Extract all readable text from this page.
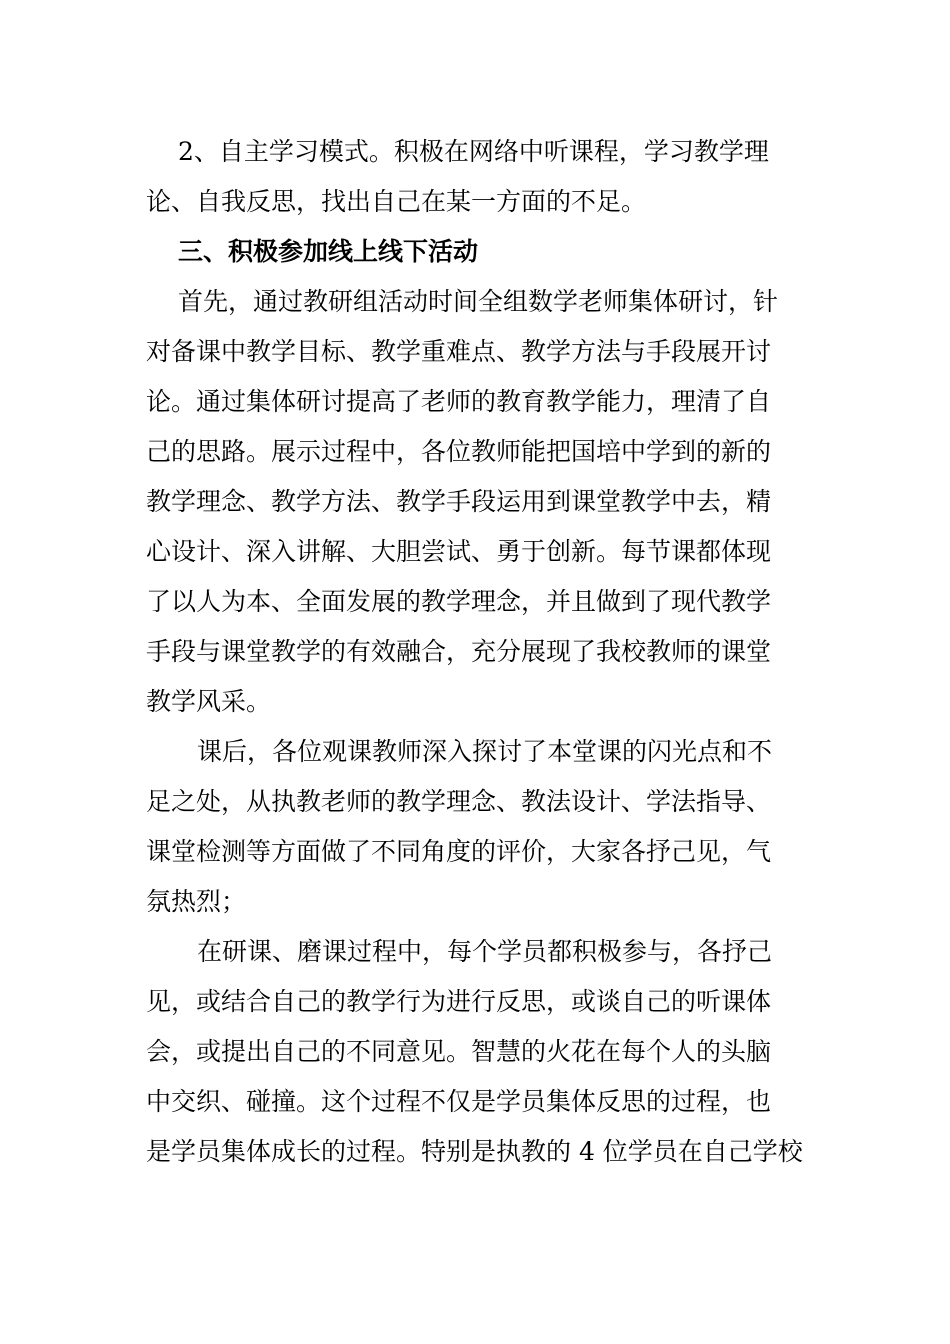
2、自主学习模式。积极在网络中听课程，学习教学理

论、自我反思，找出自己在某一方面的不足。

三、积极参加线上线下活动

首先，通过教研组活动时间全组数学老师集体研讨，针

对备课中教学目标、教学重难点、教学方法与手段展开讨

论。通过集体研讨提高了老师的教育教学能力，理清了自

己的思路。展示过程中，各位教师能把国培中学到的新的

教学理念、教学方法、教学手段运用到课堂教学中去，精

心设计、深入讲解、大胆尝试、勇于创新。每节课都体现

了以人为本、全面发展的教学理念，并且做到了现代教学

手段与课堂教学的有效融合，充分展现了我校教师的课堂

教学风采。

课后，各位观课教师深入探讨了本堂课的闪光点和不

足之处，从执教老师的教学理念、教法设计、学法指导、

课堂检测等方面做了不同角度的评价，大家各抒己见，气

氛热烈；

在研课、磨课过程中，每个学员都积极参与，各抒己

见，或结合自己的教学行为进行反思，或谈自己的听课体

会，或提出自己的不同意见。智慧的火花在每个人的头脑

中交织、碰撞。这个过程不仅是学员集体反思的过程，也

是学员集体成长的过程。特别是执教的 4 位学员在自己学校
